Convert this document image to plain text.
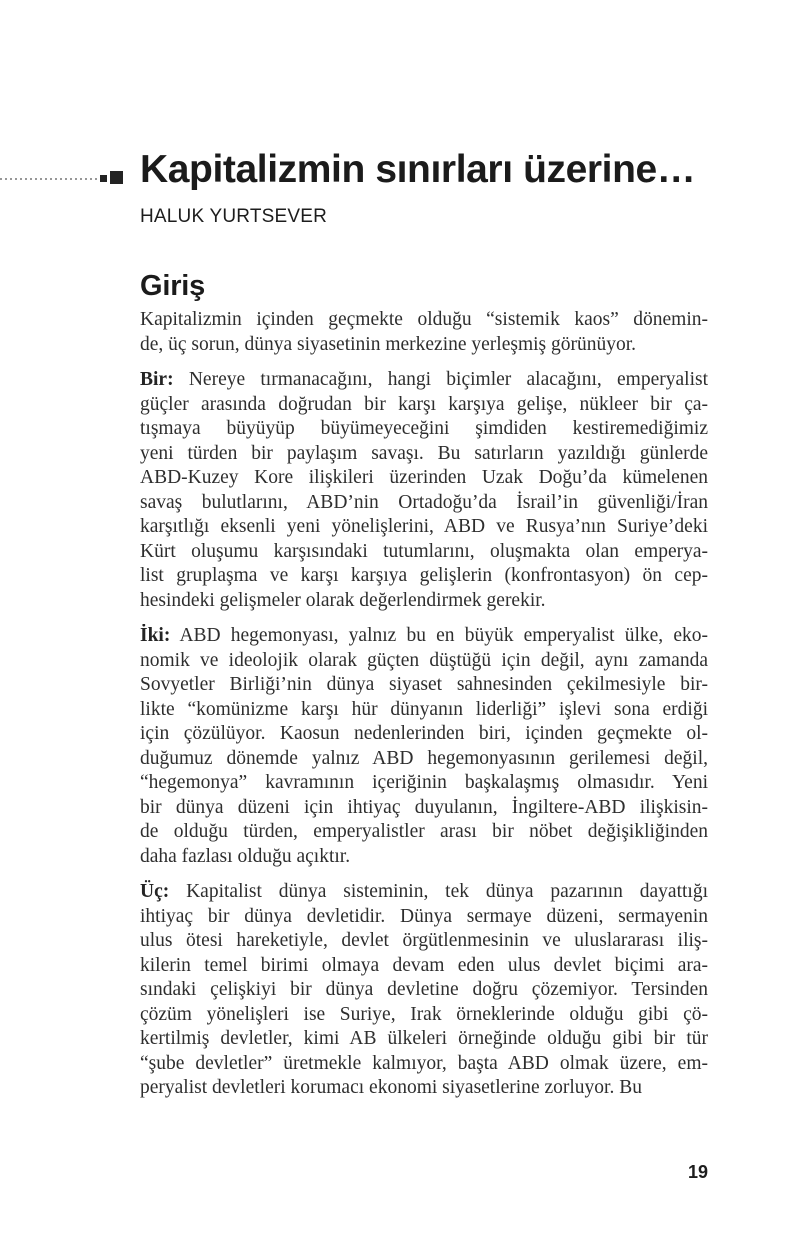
Kapitalizmin sınırları üzerine…
HALUK YURTSEVER
Giriş
Kapitalizmin içinden geçmekte olduğu “sistemik kaos” dönemin-
de, üç sorun, dünya siyasetinin merkezine yerleşmiş görünüyor.
Bir: Nereye tırmanacağını, hangi biçimler alacağını, emperyalist
güçler arasında doğrudan bir karşı karşıya gelişe, nükleer bir ça-
tışmaya büyüyüp büyümeyeceğini şimdiden kestiremediğimiz
yeni türden bir paylaşım savaşı. Bu satırların yazıldığı günlerde
ABD-Kuzey Kore ilişkileri üzerinden Uzak Doğu’da kümelenen
savaş bulutlarını, ABD’nin Ortadoğu’da İsrail’in güvenliği/İran
karşıtlığı eksenli yeni yönelişlerini, ABD ve Rusya’nın Suriye’deki
Kürt oluşumu karşısındaki tutumlarını, oluşmakta olan emperya-
list gruplaşma ve karşı karşıya gelişlerin (konfrontasyon) ön cep-
hesindeki gelişmeler olarak değerlendirmek gerekir.
İki: ABD hegemonyası, yalnız bu en büyük emperyalist ülke, eko-
nomik ve ideolojik olarak güçten düştüğü için değil, aynı zamanda
Sovyetler Birliği’nin dünya siyaset sahnesinden çekilmesiyle bir-
likte “komünizme karşı hür dünyanın liderliği” işlevi sona erdiği
için çözülüyor. Kaosun nedenlerinden biri, içinden geçmekte ol-
duğumuz dönemde yalnız ABD hegemonyasının gerilemesi değil,
“hegemonya” kavramının içeriğinin başkalaşmış olmasıdır. Yeni
bir dünya düzeni için ihtiyaç duyulanın, İngiltere-ABD ilişkisin-
de olduğu türden, emperyalistler arası bir nöbet değişikliğinden
daha fazlası olduğu açıktır.
Üç: Kapitalist dünya sisteminin, tek dünya pazarının dayattığı
ihtiyaç bir dünya devletidir. Dünya sermaye düzeni, sermayenin
ulus ötesi hareketiyle, devlet örgütlenmesinin ve uluslararası iliş-
kilerin temel birimi olmaya devam eden ulus devlet biçimi ara-
sındaki çelişkiyi bir dünya devletine doğru çözemiyor. Tersinden
çözüm yönelişleri ise Suriye, Irak örneklerinde olduğu gibi çö-
kertilmiş devletler, kimi AB ülkeleri örneğinde olduğu gibi bir tür
“şube devletler” üretmekle kalmıyor, başta ABD olmak üzere, em-
peryalist devletleri korumacı ekonomi siyasetlerine zorluyor. Bu
19
